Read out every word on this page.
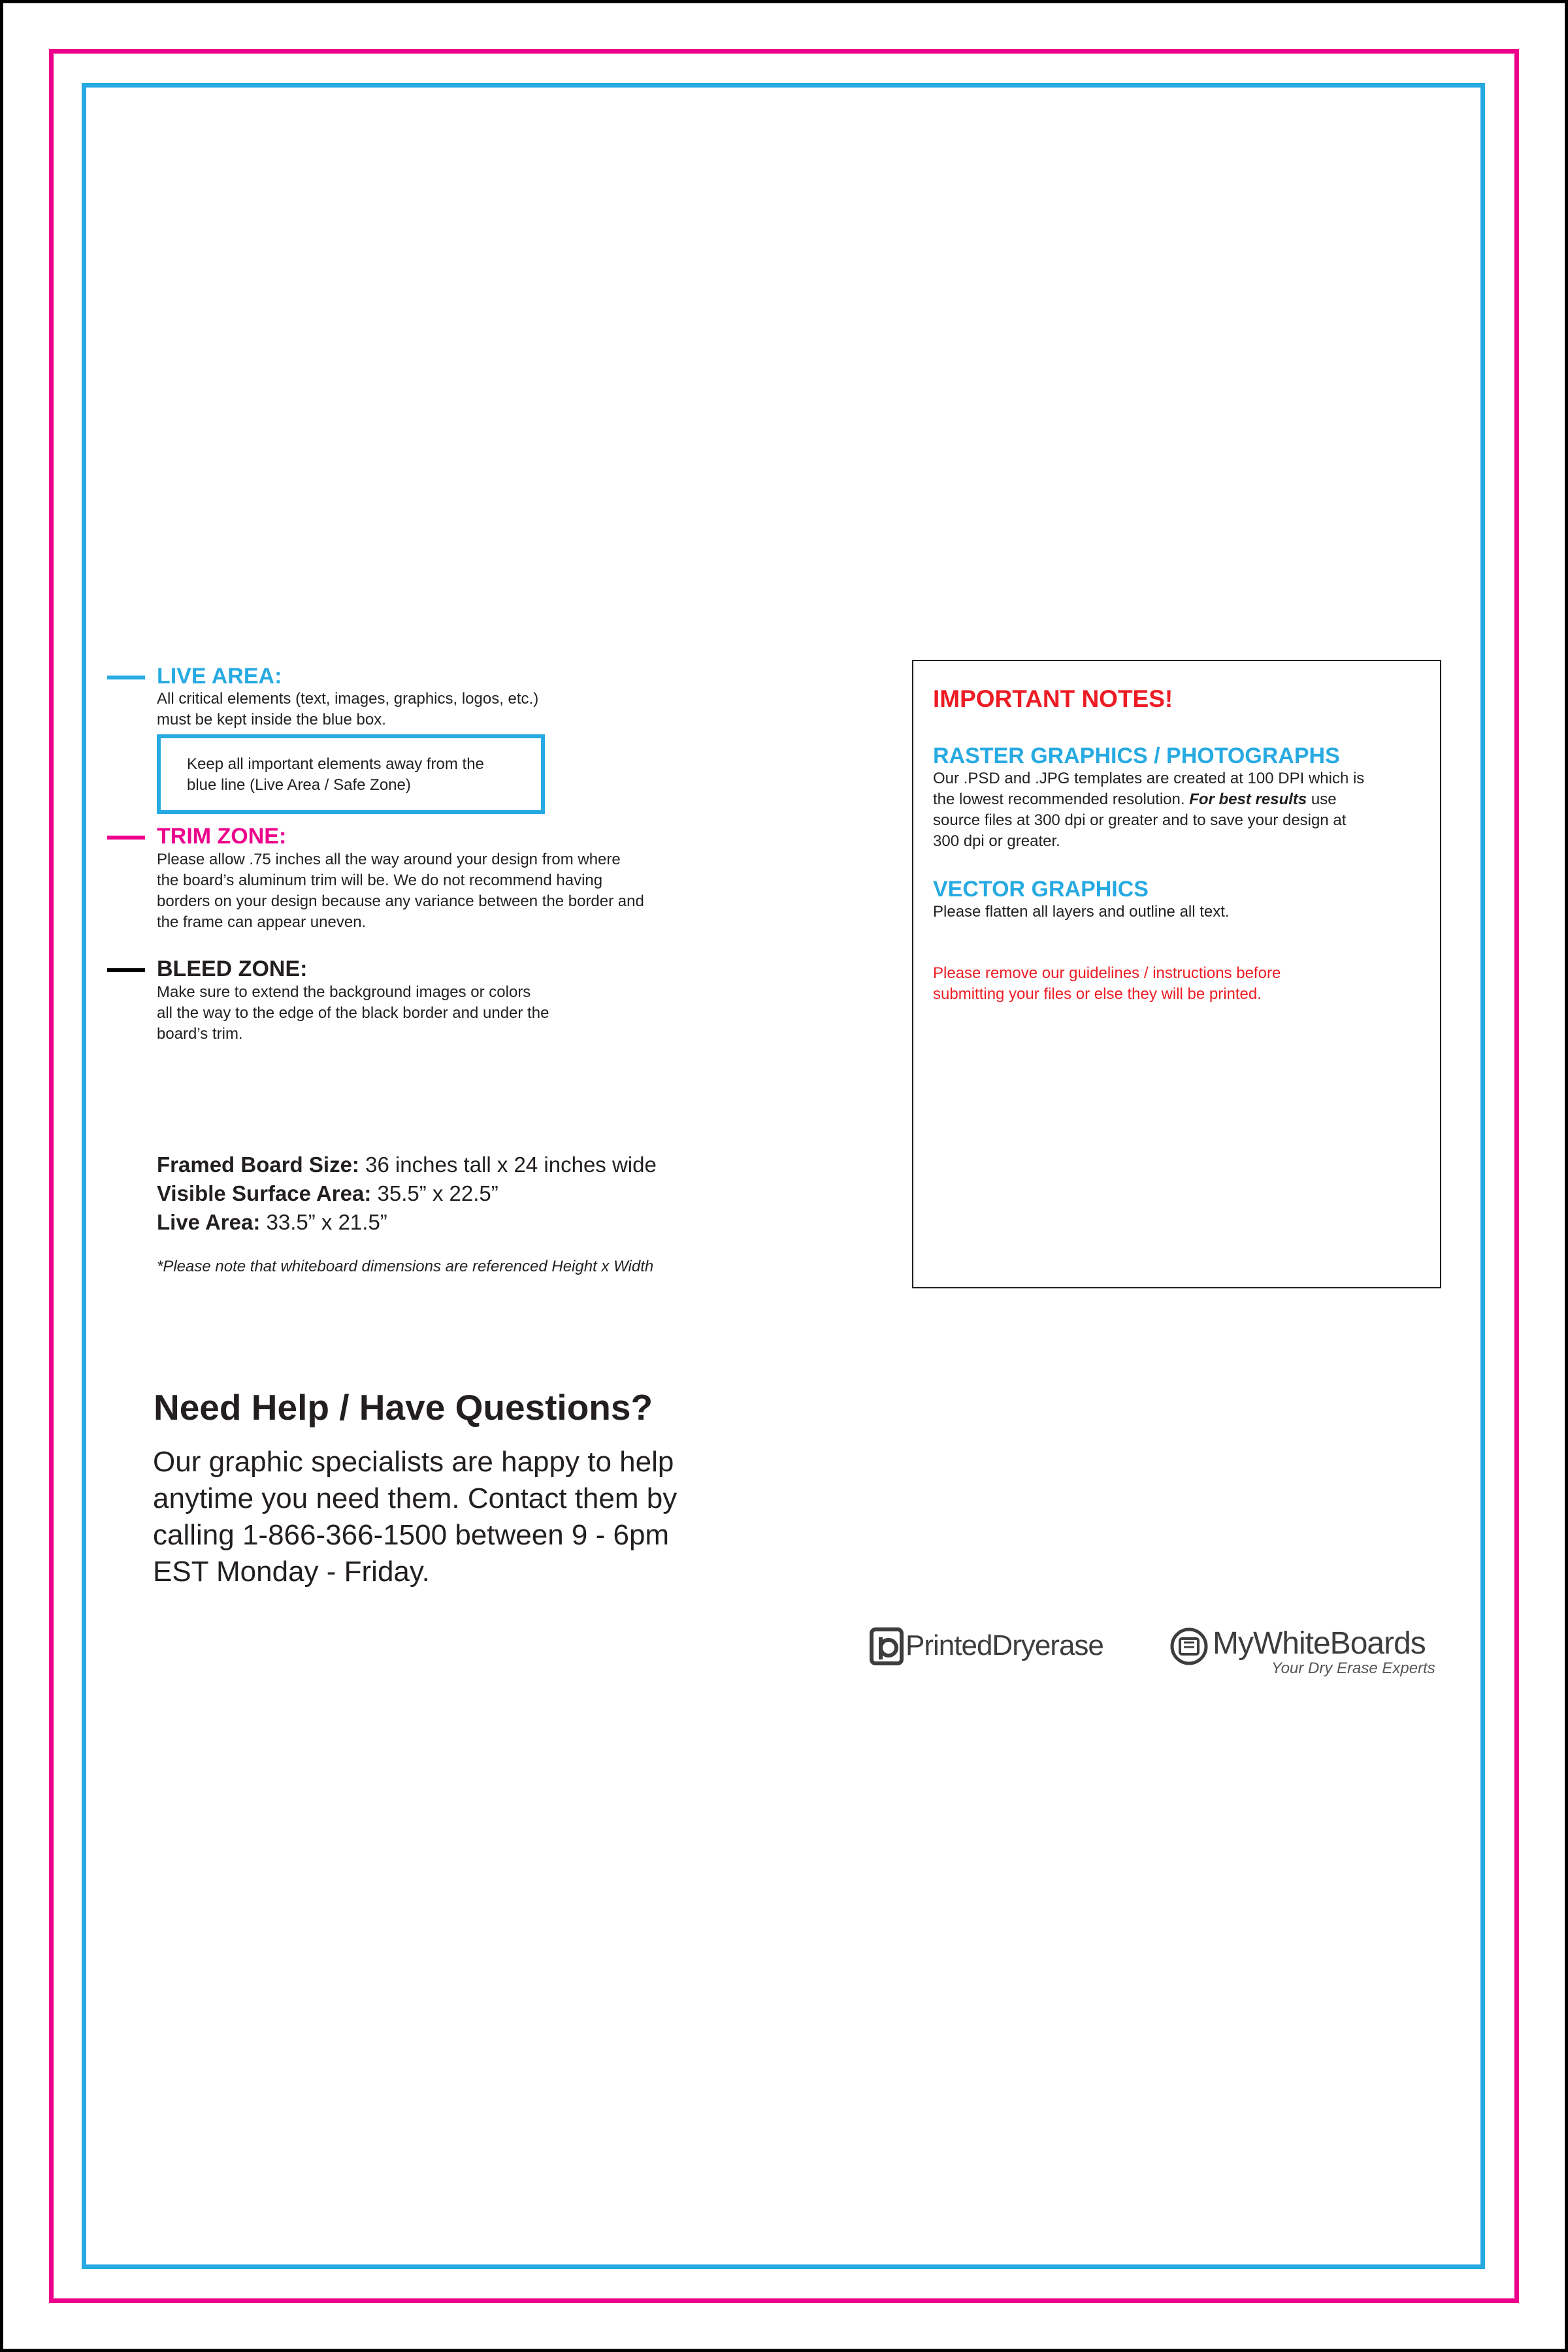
LIVE AREA:
All critical elements (text, images, graphics, logos, etc.)
must be kept inside the blue box.
Keep all important elements away from the
blue line (Live Area / Safe Zone)
TRIM ZONE:
Please allow .75 inches all the way around your design from where
the board’s aluminum trim will be. We do not recommend having
borders on your design because any variance between the border and
the frame can appear uneven.
BLEED ZONE:
Make sure to extend the background images or colors
all the way to the edge of the black border and under the
board’s trim.
Framed Board Size: 36 inches tall x 24 inches wide
Visible Surface Area: 35.5” x 22.5”
Live Area: 33.5” x 21.5”
*Please note that whiteboard dimensions are referenced Height x Width
Need Help / Have Questions?
Our graphic specialists are happy to help
anytime you need them. Contact them by
calling 1-866-366-1500 between 9 - 6pm
EST Monday - Friday.
IMPORTANT NOTES!
RASTER GRAPHICS / PHOTOGRAPHS
Our .PSD and .JPG templates are created at 100 DPI which is
the lowest recommended resolution. For best results use
source files at 300 dpi or greater and to save your design at
300 dpi or greater.
VECTOR GRAPHICS
Please flatten all layers and outline all text.
Please remove our guidelines / instructions before
submitting your files or else they will be printed.
PrintedDryerase	MyWhiteBoards
Your Dry Erase Experts
